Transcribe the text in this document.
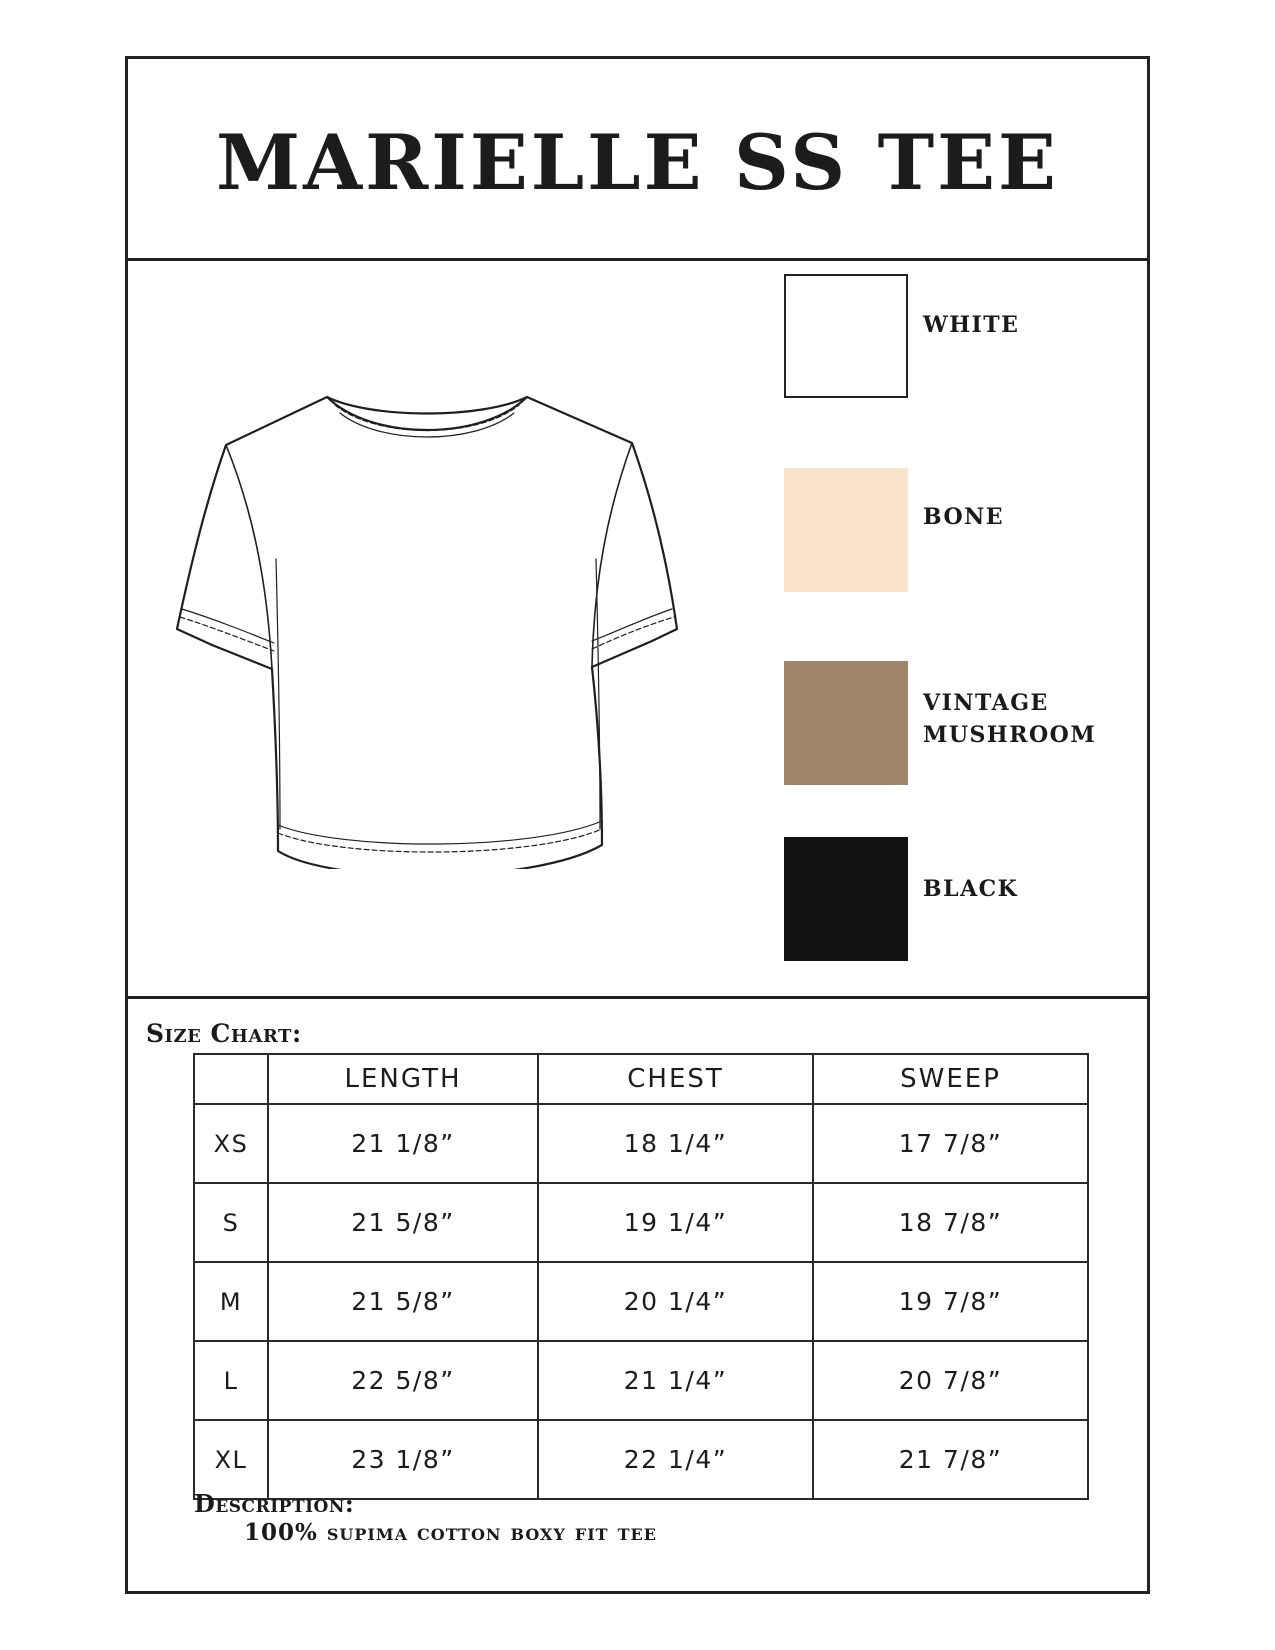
MARIELLE SS TEE
WHITE
BONE
VINTAGE
MUSHROOM
BLACK
Size Chart:
	LENGTH	CHEST	SWEEP
XS	21 1/8”	18 1/4”	17 7/8”
S	21 5/8”	19 1/4”	18 7/8”
M	21 5/8”	20 1/4”	19 7/8”
L	22 5/8”	21 1/4”	20 7/8”
XL	23 1/8”	22 1/4”	21 7/8”
Description:
100% supima cotton boxy fit tee
